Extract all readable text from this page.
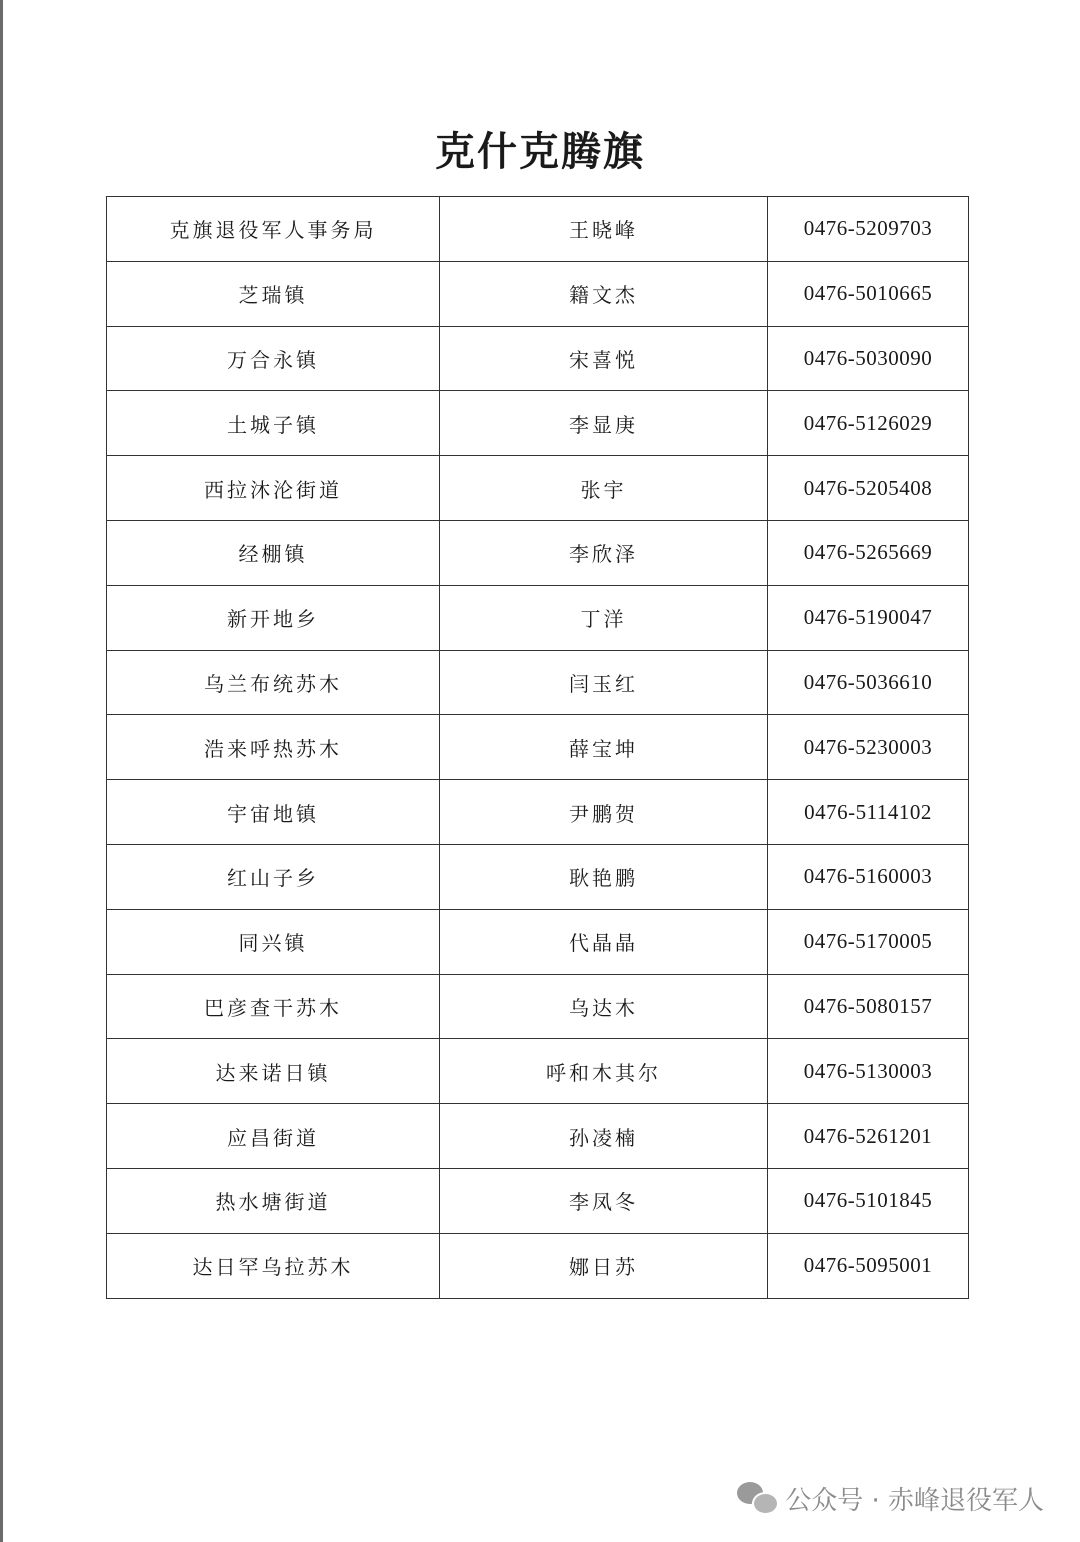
克什克腾旗
克旗退役军人事务局	王晓峰	0476-5209703
芝瑞镇	籍文杰	0476-5010665
万合永镇	宋喜悦	0476-5030090
土城子镇	李显庚	0476-5126029
西拉沐沦街道	张宇	0476-5205408
经棚镇	李欣泽	0476-5265669
新开地乡	丁洋	0476-5190047
乌兰布统苏木	闫玉红	0476-5036610
浩来呼热苏木	薛宝坤	0476-5230003
宇宙地镇	尹鹏贺	0476-5114102
红山子乡	耿艳鹏	0476-5160003
同兴镇	代晶晶	0476-5170005
巴彦查干苏木	乌达木	0476-5080157
达来诺日镇	呼和木其尔	0476-5130003
应昌街道	孙凌楠	0476-5261201
热水塘街道	李凤冬	0476-5101845
达日罕乌拉苏木	娜日苏	0476-5095001
公众号 · 赤峰退役军人
